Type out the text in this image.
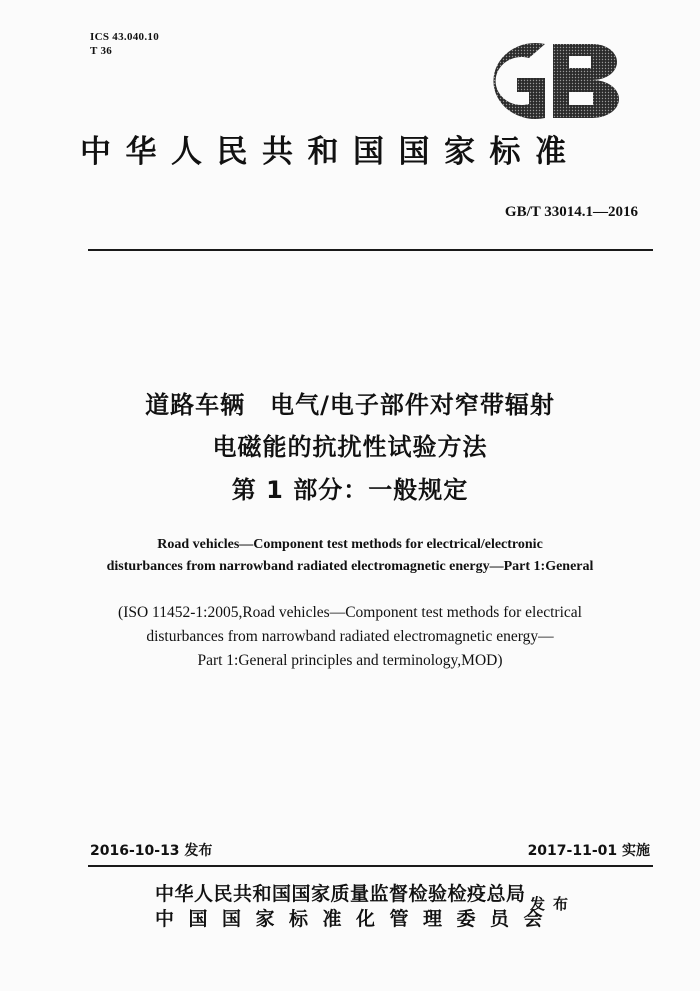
ICS 43.040.10
T 36
中华人民共和国国家标准
GB/T 33014.1—2016
道路车辆　电气/电子部件对窄带辐射
电磁能的抗扰性试验方法
第 1 部分：一般规定
Road vehicles—Component test methods for electrical/electronic
disturbances from narrowband radiated electromagnetic energy—Part 1:General
(ISO 11452-1:2005,Road vehicles—Component test methods for electrical
disturbances from narrowband radiated electromagnetic energy—
Part 1:General principles and terminology,MOD)
2016-10-13 发布	2017-11-01 实施
中华人民共和国国家质量监督检验检疫总局
中国国家标准化管理委员会
发布
